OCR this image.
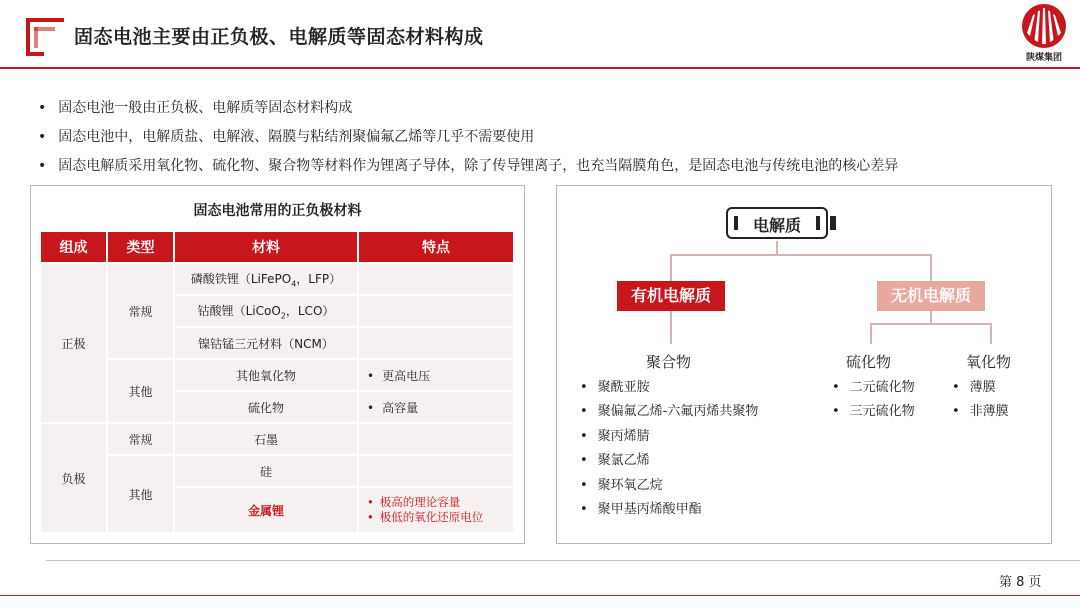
固态电池主要由正负极、电解质等固态材料构成
陕煤集团
• 固态电池一般由正负极、电解质等固态材料构成
• 固态电池中，电解质盐、电解液、隔膜与粘结剂聚偏氟乙烯等几乎不需要使用
• 固态电解质采用氧化物、硫化物、聚合物等材料作为锂离子导体，除了传导锂离子，也充当隔膜角色，是固态电池与传统电池的核心差异
固态电池常用的正负极材料
组成	类型	材料	特点
正极	常规	磷酸铁锂（LiFePO$_4$，LFP）	
		钴酸锂（LiCoO$_2$，LCO）	
		镍钴锰三元材料（NCM）	
	其他	其他氧化物	• 更高电压
		硫化物	• 高容量
负极	常规	石墨	
	其他	硅	
		金属锂	• 极高的理论容量
• 极低的氧化还原电位
电解质
有机电解质	无机电解质
聚合物	硫化物	氧化物
• 聚酰亚胺
• 聚偏氟乙烯-六氟丙烯共聚物
• 聚丙烯腈
• 聚氯乙烯
• 聚环氧乙烷
• 聚甲基丙烯酸甲酯
• 二元硫化物
• 三元硫化物
• 薄膜
• 非薄膜
第 8 页
